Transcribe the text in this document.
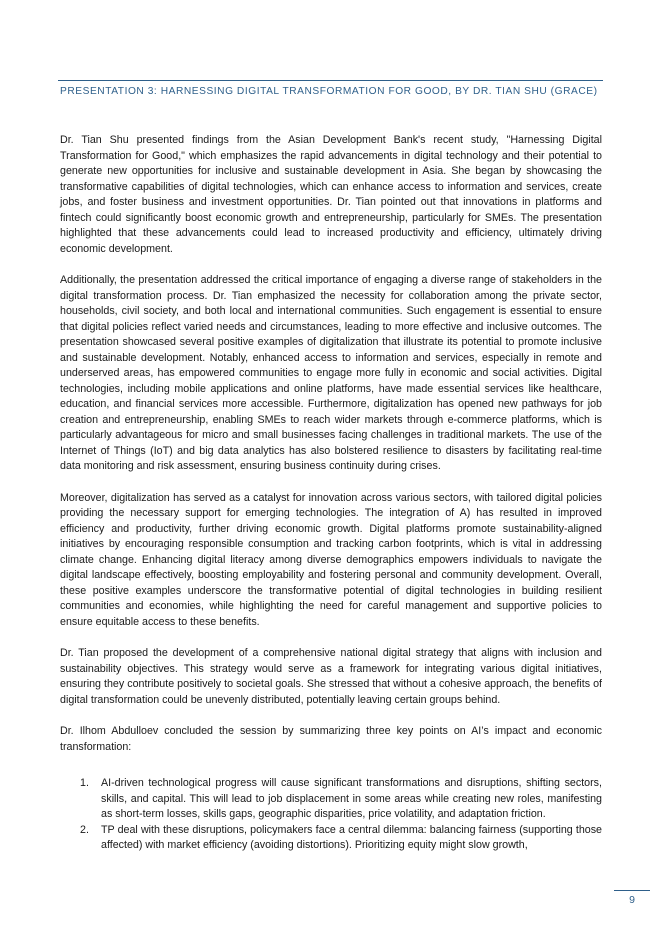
PRESENTATION 3: HARNESSING DIGITAL TRANSFORMATION FOR GOOD, BY DR. TIAN SHU (GRACE)

Dr. Tian Shu presented findings from the Asian Development Bank's recent study, "Harnessing Digital Transformation for Good," which emphasizes the rapid advancements in digital technology and their potential to generate new opportunities for inclusive and sustainable development in Asia. She began by showcasing the transformative capabilities of digital technologies, which can enhance access to information and services, create jobs, and foster business and investment opportunities. Dr. Tian pointed out that innovations in platforms and fintech could significantly boost economic growth and entrepreneurship, particularly for SMEs. The presentation highlighted that these advancements could lead to increased productivity and efficiency, ultimately driving economic development.

Additionally, the presentation addressed the critical importance of engaging a diverse range of stakeholders in the digital transformation process. Dr. Tian emphasized the necessity for collaboration among the private sector, households, civil society, and both local and international communities. Such engagement is essential to ensure that digital policies reflect varied needs and circumstances, leading to more effective and inclusive outcomes. The presentation showcased several positive examples of digitalization that illustrate its potential to promote inclusive and sustainable development. Notably, enhanced access to information and services, especially in remote and underserved areas, has empowered communities to engage more fully in economic and social activities. Digital technologies, including mobile applications and online platforms, have made essential services like healthcare, education, and financial services more accessible. Furthermore, digitalization has opened new pathways for job creation and entrepreneurship, enabling SMEs to reach wider markets through e-commerce platforms, which is particularly advantageous for micro and small businesses facing challenges in traditional markets. The use of the Internet of Things (IoT) and big data analytics has also bolstered resilience to disasters by facilitating real-time data monitoring and risk assessment, ensuring business continuity during crises.

Moreover, digitalization has served as a catalyst for innovation across various sectors, with tailored digital policies providing the necessary support for emerging technologies. The integration of A) has resulted in improved efficiency and productivity, further driving economic growth. Digital platforms promote sustainability-aligned initiatives by encouraging responsible consumption and tracking carbon footprints, which is vital in addressing climate change. Enhancing digital literacy among diverse demographics empowers individuals to navigate the digital landscape effectively, boosting employability and fostering personal and community development. Overall, these positive examples underscore the transformative potential of digital technologies in building resilient communities and economies, while highlighting the need for careful management and supportive policies to ensure equitable access to these benefits.

Dr. Tian proposed the development of a comprehensive national digital strategy that aligns with inclusion and sustainability objectives. This strategy would serve as a framework for integrating various digital initiatives, ensuring they contribute positively to societal goals. She stressed that without a cohesive approach, the benefits of digital transformation could be unevenly distributed, potentially leaving certain groups behind.

Dr. Ilhom Abdulloev concluded the session by summarizing three key points on AI’s impact and economic transformation:

1. AI-driven technological progress will cause significant transformations and disruptions, shifting sectors, skills, and capital. This will lead to job displacement in some areas while creating new roles, manifesting as short-term losses, skills gaps, geographic disparities, price volatility, and adaptation friction.
2. TP deal with these disruptions, policymakers face a central dilemma: balancing fairness (supporting those affected) with market efficiency (avoiding distortions). Prioritizing equity might slow growth,
9
